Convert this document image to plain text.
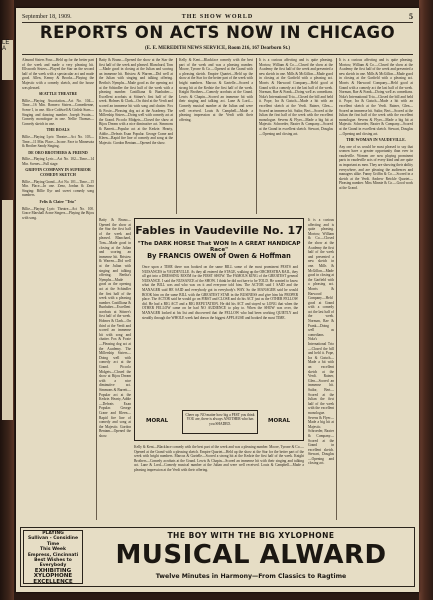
LE A
September 18, 1909.	THE SHOW WORLD	5
REPORTS ON ACTS NOW IN CHICAGO
(E. E. MEREDITH NEWS SERVICE, Room 216, 167 Dearborn St.)

Almond Sisters Four—Held up for the better part of the week and made a very pleasing hit. Ellsworth Sisters—Played the Star on the second half of the week with a spectacular act and made good. Allen, Kenny & Brooks—Playing the Majestic with a comedy sketch, and the house was pleased.

SEATTLE THEATRE

Billie—Playing Association—Act No. 104—Time—16 Min. Romero Sisters—Comedienne, Scene 1, in one. Alice Coldwell & Girlish Stars—Singing and dancing number. Joseph Swain—Comedy monologue in one. Nellie Thomas—Comedy sketch in one.

THE BOALS

Billie—Playing Lyric Theatre—Act No. 103—Time—11 Min. Place—In one. Face to Minnesota & Brother Sandy Singing.

DE ORO BROTHERS & FRIEND

Billie—Playing Lyric—Act No. 102—Time—14 Min. Scenes—Full stage.

GRIFFIN COMPANY IN SUPERIOR COMEDY SKETCH

Billie—Playing Grand—Act No. 101—Time—15 Min. Place—In one. Zeno, Jordan & Zeno Singing: Billie Ilyr and sweet comedy song numbers.

Felix & Claire "Trio"

Billie—Playing Lyric Theatre—Act No. 100. Grace Marshall Acme Singers—Playing the Bijou with song.

Batty & Bruno—Opened the show at the Star the first half of the week and pleased. Blanchard, Tom—Made good in closing at the Julian and scoring an immense hit. Bristow & Warren—Did well at the Julian with singing and talking offering. Bertha's Nymphs—Made good as the opening act at the Schindler the first half of the week with a pleasing number. Castilliana & Bunhuber—Excellent acrobats at Sittner's first half of the week. Holmes & Clark—On third at the Verdi and scored an immense hit with song and chatter. Fox & Foxie—Pleasing dog act at the Academy. The Millership Sisters—Doing well with comedy act at the Grand. Piccolo Midgets—Closed the show at Bijou Dream with a nice diminutive act. Simmons & Barrett—Popular act at the Kedzie. Hearty, Addie—Defeats Exan Popular. George Crane and Kleen—Rapid fire line of comedy and song at the Majestic. Gordon Bentam—Opened the show.

Kelly & Kent—Blackface comedy with the best part of the week and was a pleasing number. Moore, Tyrone & Co.—Opened at the Grand with a pleasing sketch. Empire Quartet—Held up the show at the Star for the better part of the week with bright numbers. Marcus & Gartelle—Scored a strong hit at the Kedzie the first half of the week. Knight Brothers—Comedy acrobats at the Grand. Lewis & Chapin—Scored an immense hit with their singing and talking act. Lane & Lord—Comedy musical number at the Julian and were well received. Louis & Campbell—Made a pleasing impression at the Verdi with their offering.

Batty & Bruno—Opened the show at the Star the first half of the week and pleased. Blanchard, Tom—Made good in closing at the Julian and scoring an immense hit. Bristow & Warren—Did well at the Julian with singing and talking offering. Bertha's Nymphs—Made good as the opening act at the Schindler the first half of the week with a pleasing number. Castilliana & Bunhuber—Excellent acrobats at Sittner's first half of the week. Holmes & Clark—On third at the Verdi and scored an immense hit with song and chatter. Fox & Foxie—Pleasing dog act at the Academy. The Millership Sisters—Doing well with comedy act at the Grand. Piccolo Midgets—Closed the show at Bijou Dream with a nice diminutive act. Simmons & Barrett—Popular act at the Kedzie. Hearty, Addie—Defeats Exan Popular. George Crane and Kleen—Rapid fire line of comedy and song at the Majestic. Gordon Bentam—Opened the show.

Fables in Vaudeville No. 17
"The DARK HORSE That WON In A GREAT HANDICAP Race"
By FRANCIS OWEN of Owen & Hoffman
Once upon a TIME there was booked on the same BILL some of the most prominent PESTS and NUISANCES in VAUDEVILLE. As they all entered the STAGE, walking up the ORCHESTRA RAIL, they all got into a DRESSING ROOM for the FIRST SHOW. The FAMOUS KING of the GREATEST general NUISANCE. I said the NUISANCE of the SHOW. I think he did not have to be TOLD. He wanted to know what the BILL was and who was on it and everyone told him. The ACTOR said I SAID and the MANAGER said HE SAID and everybody got in everybody's WAY. So the MANAGER said he would BOOK him on the same BILL with the GREATEST STAR in the BUSINESS and give him his PROPER place. The ACTOR said he would go on FIRST and CLOSE and do his ACT just as the OTHER FELLOW did. He had a BIG ACT and a BIG REPUTATION. He did his ACT and stayed so LONG that when the OTHER FELLOW came on he had NO AUDIENCE to play to. When the SHOW was over, the MANAGER looked at his list and discovered that the FELLOW who had been working QUIETLY and steadily through the WHOLE week had drawn the biggest APPLAUSE and booked the most TIME.
MORAL
Cheer up. NO matter how big a PEST you think YOU are, there is always ANOTHER who has you SHADED.	MORAL

Kelly & Kent—Blackface comedy with the best part of the week and was a pleasing number. Moore, Tyrone & Co.—Opened at the Grand with a pleasing sketch. Empire Quartet—Held up the show at the Star for the better part of the week with bright numbers. Marcus & Gartelle—Scored a strong hit at the Kedzie the first half of the week. Knight Brothers—Comedy acrobats at the Grand. Lewis & Chapin—Scored an immense hit with their singing and talking act. Lane & Lord—Comedy musical number at the Julian and were well received. Louis & Campbell—Made a pleasing impression at the Verdi with their offering.

It is a curious affecting and is quite pleasing. Mortow, William & Co.—Closed the show at the Academy the first half of the week and presented a new sketch in one. Mills & McGillon—Made good in closing at the Garfield with a pleasing act. Morris & Harwood Company—Held good at Grand with a comedy act the last half of the week. Norman, Rae & Frank—Doing well as comedians. Nola's International Trio—Closed the bill and held it. Pope, Ira & Gatsch—Made a hit with an excellent sketch at the Verdi. Rainer, Glen—Scored an immense hit. Sailor, Bert—Scored at the Julian the first half of the week with the excellent monologue. Sevens & Flyer—Made a big hit at Majestic. Schroeder, Baxter & Company—Scored at the Grand in excellent sketch. Stewart, Douglas—Opening and closing act.

It is a curious affecting and is quite pleasing. Mortow, William & Co.—Closed the show at the Academy the first half of the week and presented a new sketch in one. Mills & McGillon—Made good in closing at the Garfield with a pleasing act. Morris & Harwood Company—Held good at Grand with a comedy act the last half of the week. Norman, Rae & Frank—Doing well as comedians. Nola's International Trio—Closed the bill and held it. Pope, Ira & Gatsch—Made a hit with an excellent sketch at the Verdi. Rainer, Glen—Scored an immense hit. Sailor, Bert—Scored at the Julian the first half of the week with the excellent monologue. Sevens & Flyer—Made a big hit at Majestic. Schroeder, Baxter & Company—Scored at the Grand in excellent sketch. Stewart, Douglas—Opening and closing act.

It is a curious affecting and is quite pleasing. Mortow, William & Co.—Closed the show at the Academy the first half of the week and presented a new sketch in one. Mills & McGillon—Made good in closing at the Garfield with a pleasing act. Morris & Harwood Company—Held good at Grand with a comedy act the last half of the week. Norman, Rae & Frank—Doing well as comedians. Nola's International Trio—Closed the bill and held it. Pope, Ira & Gatsch—Made a hit with an excellent sketch at the Verdi. Rainer, Glen—Scored an immense hit. Sailor, Bert—Scored at the Julian the first half of the week with the excellent monologue. Sevens & Flyer—Made a big hit at Majestic. Schroeder, Baxter & Company—Scored at the Grand in excellent sketch. Stewart, Douglas—Opening and closing act.

THE WOMAN IN VAUDEVILLE.

Any one of us would be most pleased to say that women have a greater opportunity than ever in vaudeville. Women are now playing prominent parts in vaudeville acts of every kind and are quite as important as men. They are showing their ability everywhere, and are pleasing the audiences and managers alike. Fanny Griffin & Co.—Scored in a sketch at the Verdi. Andrew Reickle Quartet—Pleasing number. Miss Minnie & Co.—Good work at the Grand.

PLAYING
Sullivan - Considine Time
This Week
Empress, Cincinnati
Best Wishes to
Everybody
EXHIBITING
XYLOPHONE
EXCELLENCE
THE BOY WITH THE BIG XYLOPHONE
MUSICAL ALWARD
Twelve Minutes in Harmony—From Classics to Ragtime
